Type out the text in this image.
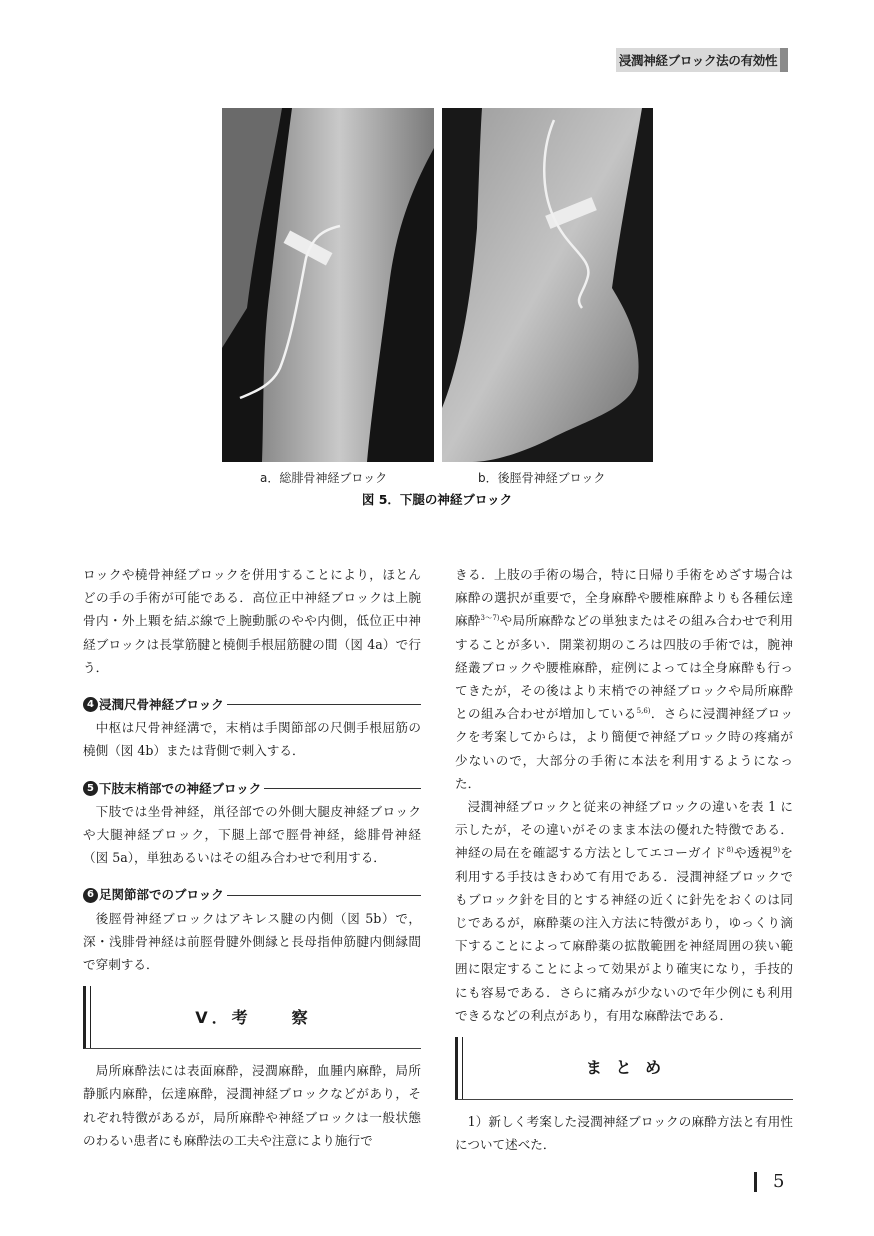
浸潤神経ブロック法の有効性
a．総腓骨神経ブロック	b．後脛骨神経ブロック
図 5．下腿の神経ブロック

ロックや橈骨神経ブロックを併用することにより，ほとんどの手の手術が可能である．高位正中神経ブロックは上腕骨内・外上顆を結ぶ線で上腕動脈のやや内側，低位正中神経ブロックは長掌筋腱と橈側手根屈筋腱の間（図 4a）で行う．

4 浸潤尺骨神経ブロック

中枢は尺骨神経溝で，末梢は手関節部の尺側手根屈筋の橈側（図 4b）または背側で刺入する．

5 下肢末梢部での神経ブロック

下肢では坐骨神経，鼡径部での外側大腿皮神経ブロックや大腿神経ブロック，下腿上部で脛骨神経，総腓骨神経（図 5a），単独あるいはその組み合わせで利用する．

6 足関節部でのブロック

後脛骨神経ブロックはアキレス腱の内側（図 5b）で，深・浅腓骨神経は前脛骨腱外側縁と長母指伸筋腱内側縁間で穿刺する．

V．考　　察

局所麻酔法には表面麻酔，浸潤麻酔，血腫内麻酔，局所静脈内麻酔，伝達麻酔，浸潤神経ブロックなどがあり，それぞれ特徴があるが，局所麻酔や神経ブロックは一般状態のわるい患者にも麻酔法の工夫や注意により施行で

きる．上肢の手術の場合，特に日帰り手術をめざす場合は麻酔の選択が重要で，全身麻酔や腰椎麻酔よりも各種伝達麻酔$^{3\sim 7)}$や局所麻酔などの単独またはその組み合わせで利用することが多い．開業初期のころは四肢の手術では，腕神経叢ブロックや腰椎麻酔，症例によっては全身麻酔も行ってきたが，その後はより末梢での神経ブロックや局所麻酔との組み合わせが増加している$^{5,6)}$．さらに浸潤神経ブロックを考案してからは，より簡便で神経ブロック時の疼痛が少ないので，大部分の手術に本法を利用するようになった．

浸潤神経ブロックと従来の神経ブロックの違いを表 1 に示したが，その違いがそのまま本法の優れた特徴である．神経の局在を確認する方法としてエコーガイド$^{8)}$や透視$^{9)}$を利用する手技はきわめて有用である．浸潤神経ブロックでもブロック針を目的とする神経の近くに針先をおくのは同じであるが，麻酔薬の注入方法に特徴があり，ゆっくり滴下することによって麻酔薬の拡散範囲を神経周囲の狭い範囲に限定することによって効果がより確実になり，手技的にも容易である．さらに痛みが少ないので年少例にも利用できるなどの利点があり，有用な麻酔法である．

ま と め

1）新しく考案した浸潤神経ブロックの麻酔方法と有用性について述べた．

5
